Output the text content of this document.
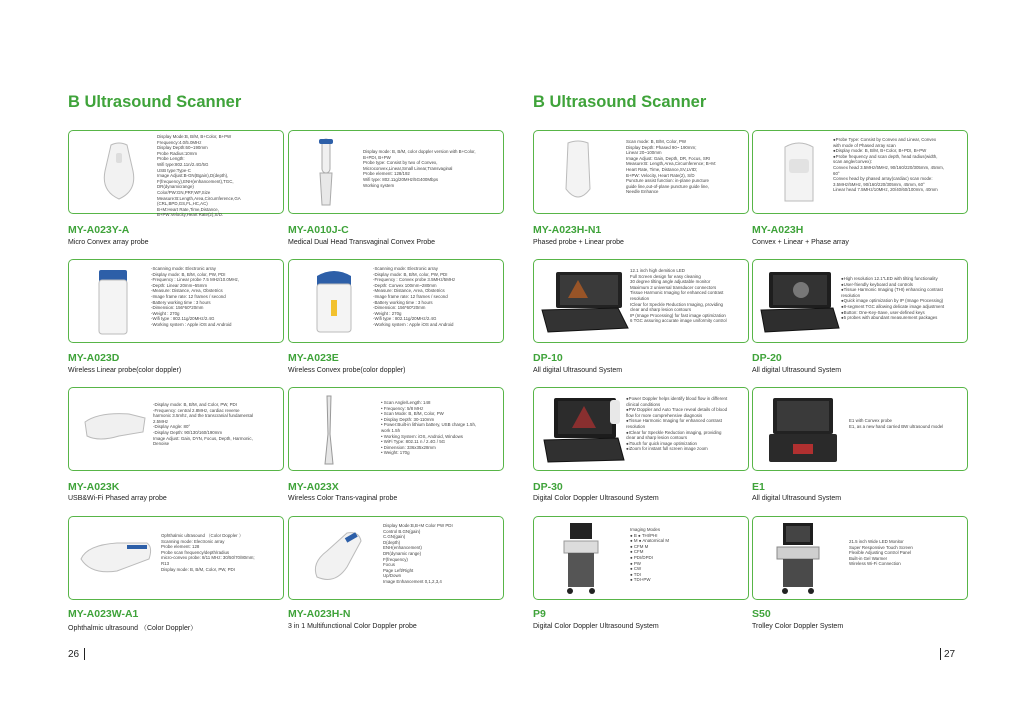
B Ultrasound Scanner
Display Mode:B, B/M, B+Color, B+PW
Frequency:4.0/5.0MHz
Display Depth:60~190mm
Probe Radius:10mm
Probe Length:
Wifi type:802.11n/2.4G/5G
USB type:Type-C
Image Adjust:B-GN(Bgain),D(depth),
F(frequency),ENH(enhancement),TGC,
DR(dynamicrange)
Color/PW:GN,PRF,WF,Size
Measure:B:Length,Area,Circumference,GA
(CRL,BPD,GS,FL,HC,AC)
B+M:Heart Rate,Time,Distance,
B+PW:Velocity,Heart Rate(2),S/D.
MY-A023Y-A
Micro Convex array probe
Display mode: B, B/M, color doppler version with B+Color,
B+PDI, B+PW
Probe type: Consist by two of Convex,
Microconvex,Linear,Small Linear,Transvaginal
Probe element: 128/192
Wifi type: 802.11g/20MHz/5G400Mbps
Working system
MY-A010J-C
Medical Dual Head Transvaginal Convex Probe
-Scanning mode: Electronic array
-Display mode: B, B/M, color, PW, PDI
-Frequency : Linear probe 7.5 MHz/10.0MHz,
-Depth: Linear 20mm~55mm
-Measure: Distance, Area, Obstetrics
-Image frame rate: 12 frames / second
-Battery working time : 3 hours
-Dimension: 156*60*20mm
-Weight : 270g
-Wifi type : 802.11g/20MHz/2.4G
-Working system : Apple iOS and Android
MY-A023D
Wireless Linear probe(color doppler)
-Scanning mode: Electronic array
-Display mode: B, B/M, color, PW, PDI
-Frequency : Convex probe 3.5MHz/5MHz
-Depth: Convex 100mm~280mm
-Measure: Distance, Area, Obstetrics
-Image frame rate: 12 frames / second
-Battery working time : 3 hours
-Dimension: 156*60*20mm
-Weight : 270g
-Wifi type : 802.11g/20MHz/2.4G
-Working system : Apple iOS and Android
MY-A023E
Wireless Convex probe(color doppler)
-Display mode: B, B/M, and Color, PW, PDI
-Frequency: central 2.8MHz, cardiac reverse
harmonic 3.5mhz, and the transcranial fundamental
2.5MHz
-Display Angle: 80°
-Display Depth: 90/130/160/190mm
Image Adjust: Gain, DYN, Focus, Depth, Harmonic,
Denoise
MY-A023K
USB&Wi-Fi Phased array probe
• Scan Angle/Length: 148
• Frequency: 5/8 MHz
• Scan Mode: B, B/M, Color, PW
• Display Depth: 30-110mm
• Power:Built-in lithium battery, USB charge 1.5h,
work 1.5h
• Working System: iOS, Android, Windows
• WiFi Type: 802.11 n / 2.4G / 5G
• Dimension: 336x35x28mm
• Weight: 170g
MY-A023X
Wireless Color Trans-vaginal probe
Ophthalmic ultrasound （Color Doppler ）
Scanning mode: Electronic array
Probe element: 128
Probe scan frequency/depth/radius
micro-convex probe: 8/11 MHz: 30/50/70/80mm;
R13
Display mode: B, B/M, Color, PW, PDI
MY-A023W-A1
Ophthalmic ultrasound （Color Doppler）
Display Mode:B,B+M Color PW PDI
Control B.GN(gain)
C.GN(gain)
D(depth)
ENH(enhancement)
DR(dynamic range)
F(frequency)
Focus
Page Left/Right
Up/Down
Image Enhancement 0,1,2,3,4
MY-A023H-N
3 in 1 Multifunctional Color Doppler probe
26
B Ultrasound Scanner
Scan mode: B, B/M, Color, PW
Display Depth: Phased 90~ 190mm;
Linear 20~100mm
Image Adjust: Gain, Depth, DR, Focus, SRI
Measure:B: Length,Area,Circumference; B+M:
Heart Rate, Time, Distance,SV,LVID;
B+PW: Velocity, Heart Rate(2), S/D
Puncture assist function: in-plane puncture
guide line,out-of-plane puncture guide line,
Needle Enhance
MY-A023H-N1
Phased probe + Linear probe
●Probe Type: Consist by Convex and Linear, Convex
with mode of Phased array scan
●Display mode: B, B/M, B+Color, B+PDI, B+PW
●Probe frequency and scan depth, head radius(width,
scan angle/convex):
Convex head 3.5MHz/5MHz, 90/160/220/305mm, 45mm,
60°
Convex head by phased array(cardiac) scan mode:
3.5MHz/5MHz, 90/160/220/305mm, 45mm, 60°
Linear head 7.5MHz/10MHz, 20/40/60/100mm, 40mm
MY-A023H
Convex + Linear + Phase array
12.1 inch high demition LED
Full Screen design for easy cleaning
30 degree tilting angle adjustable monitor
Maximum 2 universal transducer connectors
Tissue Harmonic Imaging for enhanced contrast
resolution
IClear for Speckle Reduction Imaging, providing
clear and sharp lesion contours
IP (Image Processing) for fast image optimization
6 TGC assuring accurate image uniformity control
DP-10
All digital Ultrasound System
●High resolution 12.1"LED with tilting functionality
●User-friendly keyboard and controls
●Tissue Harmonic Imaging (THI) enhancing contrast
resolution
●Quick image optimization by IP (Image Processing)
●8-segment TGC allowing delicate image adjustment
●Button: One-Key-Save, user-defined keys
●5 probes with abundant measurement packages
DP-20
All digital Ultrasound System
●Power Doppler helps identify blood flow in different
clinical conditions
●PW Doppler and Auto Trace reveal details of blood
flow for more comprehensive diagnosis
●Tissue Harmonic Imaging for enhanced contrast
resolution
●IClear for Speckle Reduction imaging, providing
clear and sharp lesion contours
●iTouch for quick image optimization
●iZoom for instant full screen image zoom
DP-30
Digital Color Doppler Ultrasound System
E1 with Convex probe
E1, as a new hand carried BW ultrasound model
E1
All digital Ultrasound System
Imaging Modes
● B ● THI/PHI
● M ● Anatomical M
● CFM M
● CFM
● PDI/DPDI
● PW
● CW
● TDI
● TDI+PW
P9
Digital Color Doppler Ultrasound System
21.5 inch Wide LED Monitor
Super Responsive Touch Screen
Flexible Adjusting Control Panel
Built-in Gel Warmer
Wireless Wi-Fi Connection
S50
Trolley Color Doppler System
27
